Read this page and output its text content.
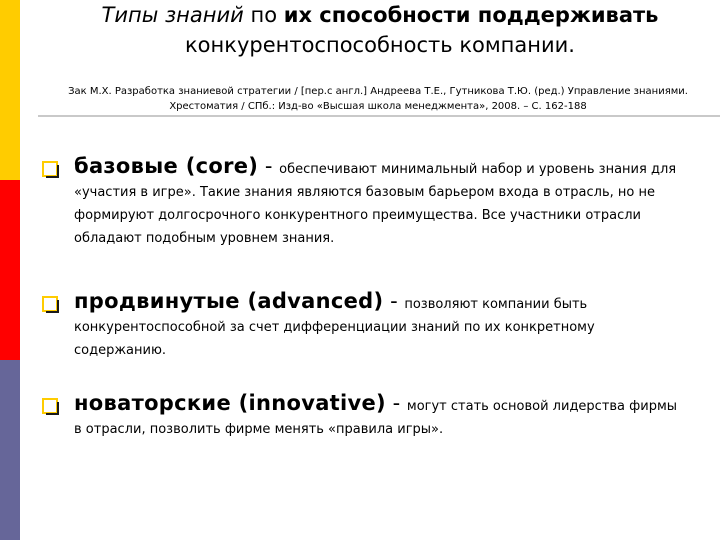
Типы знаний по их способности поддерживать конкурентоспособность компании.
Зак М.Х. Разработка знаниевой стратегии / [пер.с англ.] Андреева Т.Е., Гутникова Т.Ю. (ред.) Управление знаниями. Хрестоматия / СПб.: Изд-во «Высшая школа менеджмента», 2008. – С. 162-188
базовые (core) - обеспечивают минимальный набор и уровень знания для «участия в игре». Такие знания являются базовым барьером входа в отрасль, но не формируют долгосрочного конкурентного преимущества. Все участники отрасли обладают подобным уровнем знания.
продвинутые (advanced) - позволяют компании быть конкурентоспособной за счет дифференциации знаний по их конкретному содержанию.
новаторские (innovative) - могут стать основой лидерства фирмы в отрасли, позволить фирме менять «правила игры».
